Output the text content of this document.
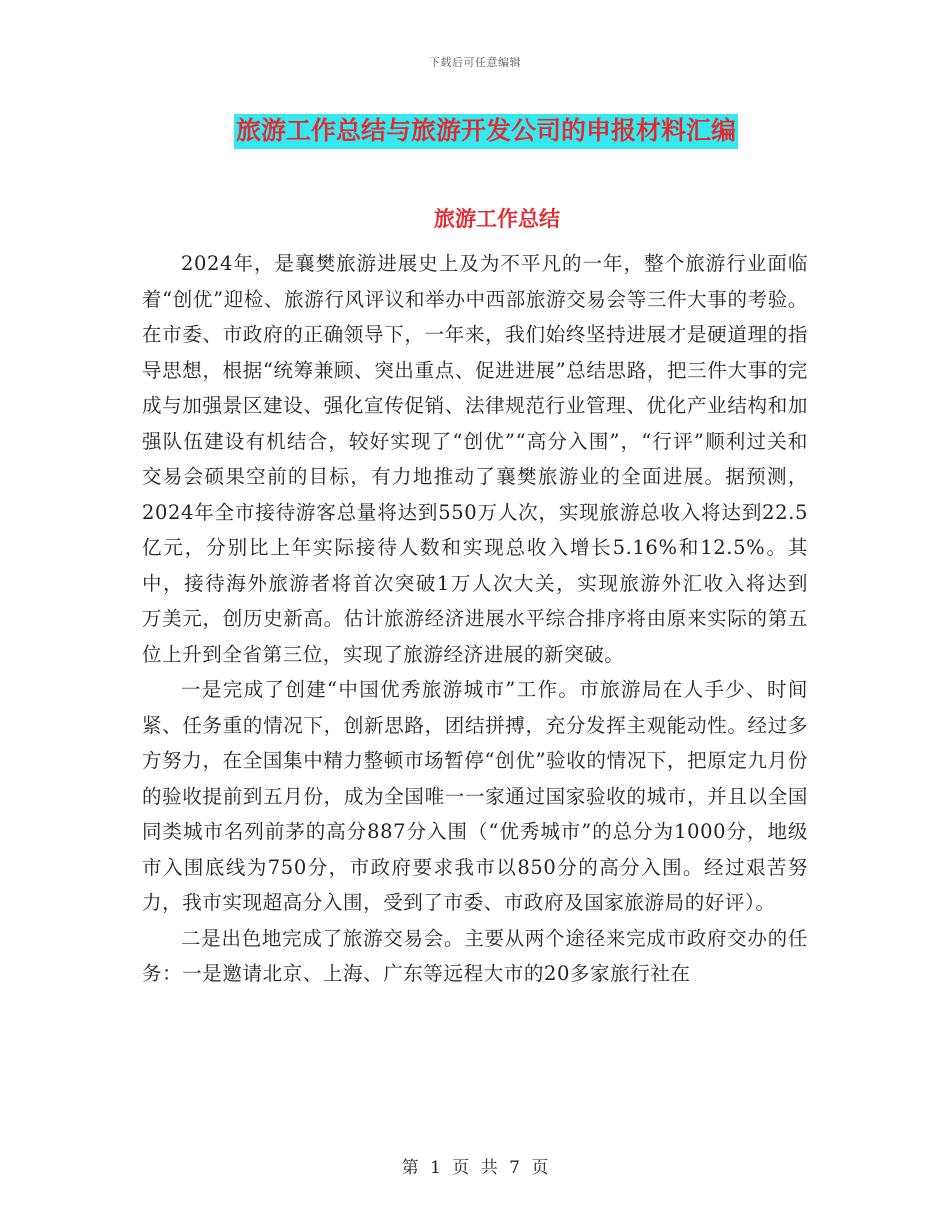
下载后可任意编辑
旅游工作总结与旅游开发公司的申报材料汇编
旅游工作总结

2024年，是襄樊旅游进展史上及为不平凡的一年，整个旅游行业面临着“创优”迎检、旅游行风评议和举办中西部旅游交易会等三件大事的考验。在市委、市政府的正确领导下，一年来，我们始终坚持进展才是硬道理的指导思想，根据“统筹兼顾、突出重点、促进进展”总结思路，把三件大事的完成与加强景区建设、强化宣传促销、法律规范行业管理、优化产业结构和加强队伍建设有机结合，较好实现了“创优”“高分入围”，“行评”顺利过关和交易会硕果空前的目标，有力地推动了襄樊旅游业的全面进展。据预测，2024年全市接待游客总量将达到550万人次，实现旅游总收入将达到22.5亿元，分别比上年实际接待人数和实现总收入增长5.16%和12.5%。其中，接待海外旅游者将首次突破1万人次大关，实现旅游外汇收入将达到　　万美元，创历史新高。估计旅游经济进展水平综合排序将由原来实际的第五位上升到全省第三位，实现了旅游经济进展的新突破。

一是完成了创建“中国优秀旅游城市”工作。市旅游局在人手少、时间紧、任务重的情况下，创新思路，团结拼搏，充分发挥主观能动性。经过多方努力，在全国集中精力整顿市场暂停“创优”验收的情况下，把原定九月份的验收提前到五月份，成为全国唯一一家通过国家验收的城市，并且以全国同类城市名列前茅的高分887分入围（“优秀城市”的总分为1000分，地级市入围底线为750分，市政府要求我市以850分的高分入围。经过艰苦努力，我市实现超高分入围，受到了市委、市政府及国家旅游局的好评）。

二是出色地完成了旅游交易会。主要从两个途径来完成市政府交办的任务：一是邀请北京、上海、广东等远程大市的20多家旅行社在

第 1 页 共 7 页
